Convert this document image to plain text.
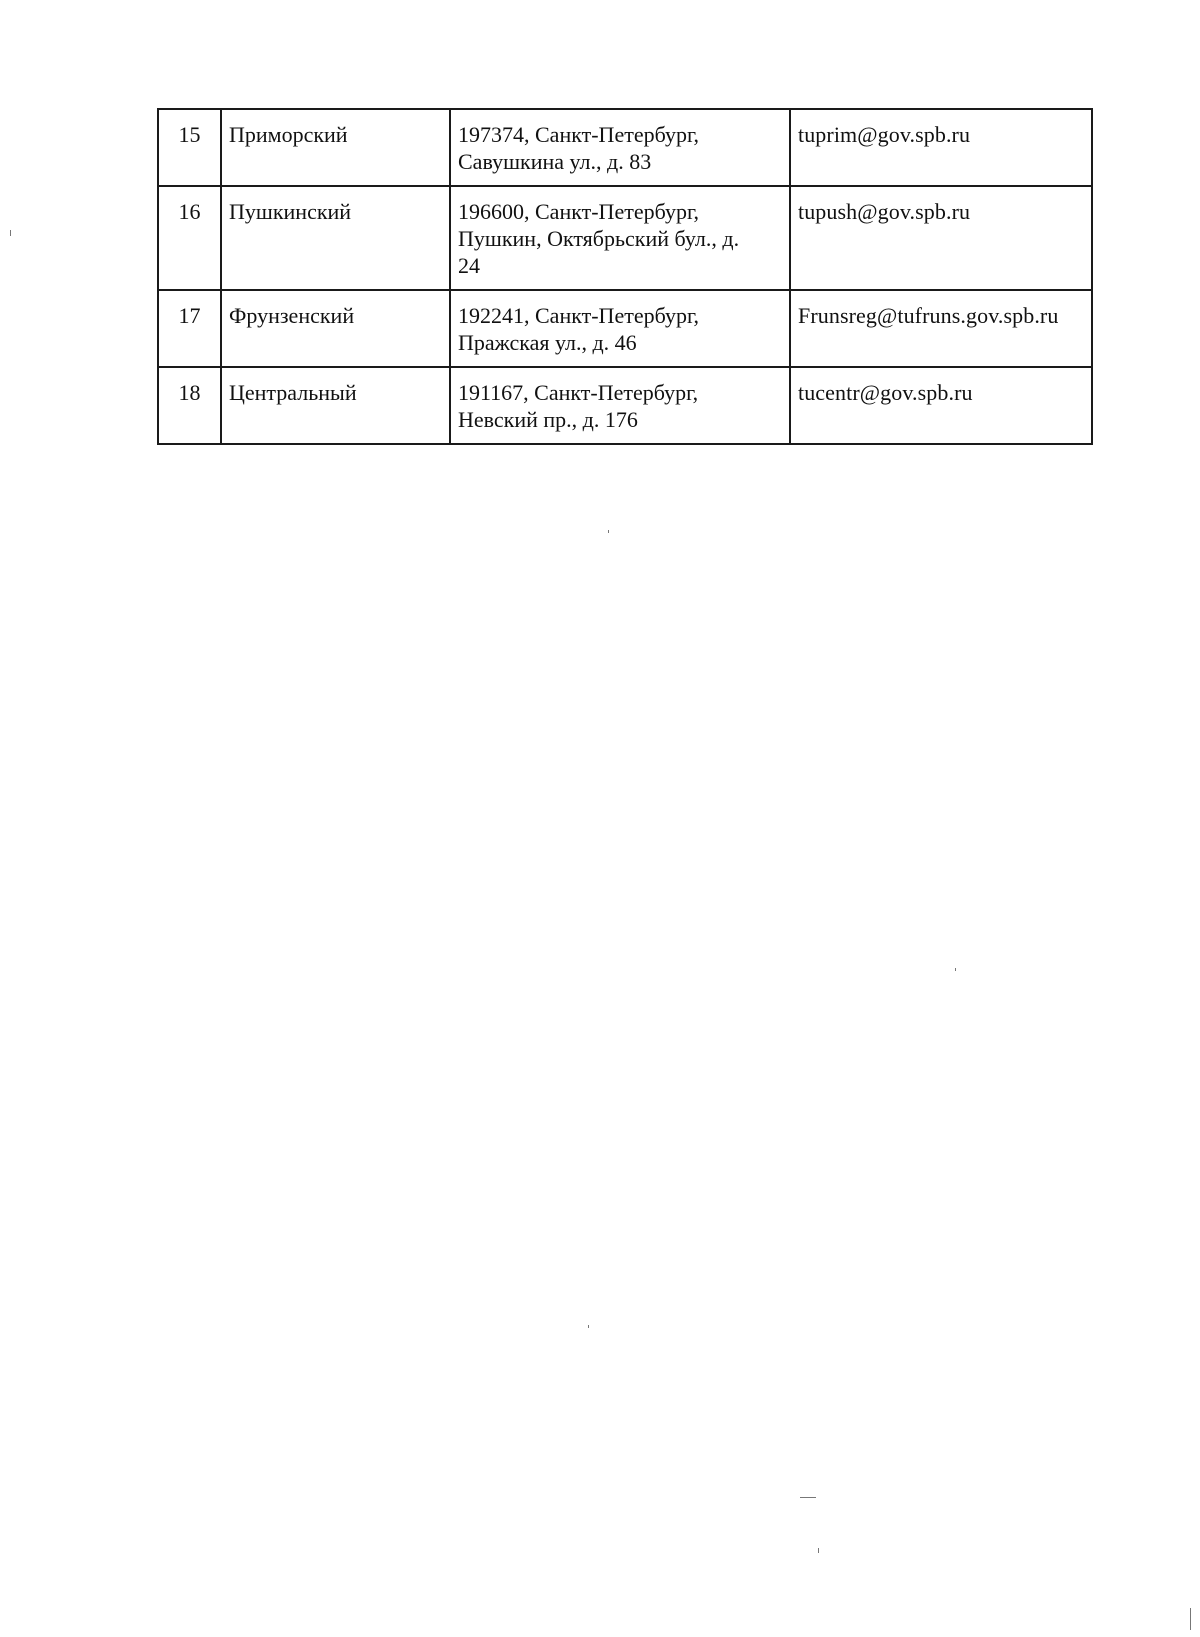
15	Приморский	197374, Санкт-Петербург,
Савушкина ул., д. 83	tuprim@gov.spb.ru
16	Пушкинский	196600, Санкт-Петербург,
Пушкин, Октябрьский бул., д.
24	tupush@gov.spb.ru
17	Фрунзенский	192241, Санкт-Петербург,
Пражская ул., д. 46	Frunsreg@tufruns.gov.spb.ru
18	Центральный	191167, Санкт-Петербург,
Невский пр., д. 176	tucentr@gov.spb.ru
